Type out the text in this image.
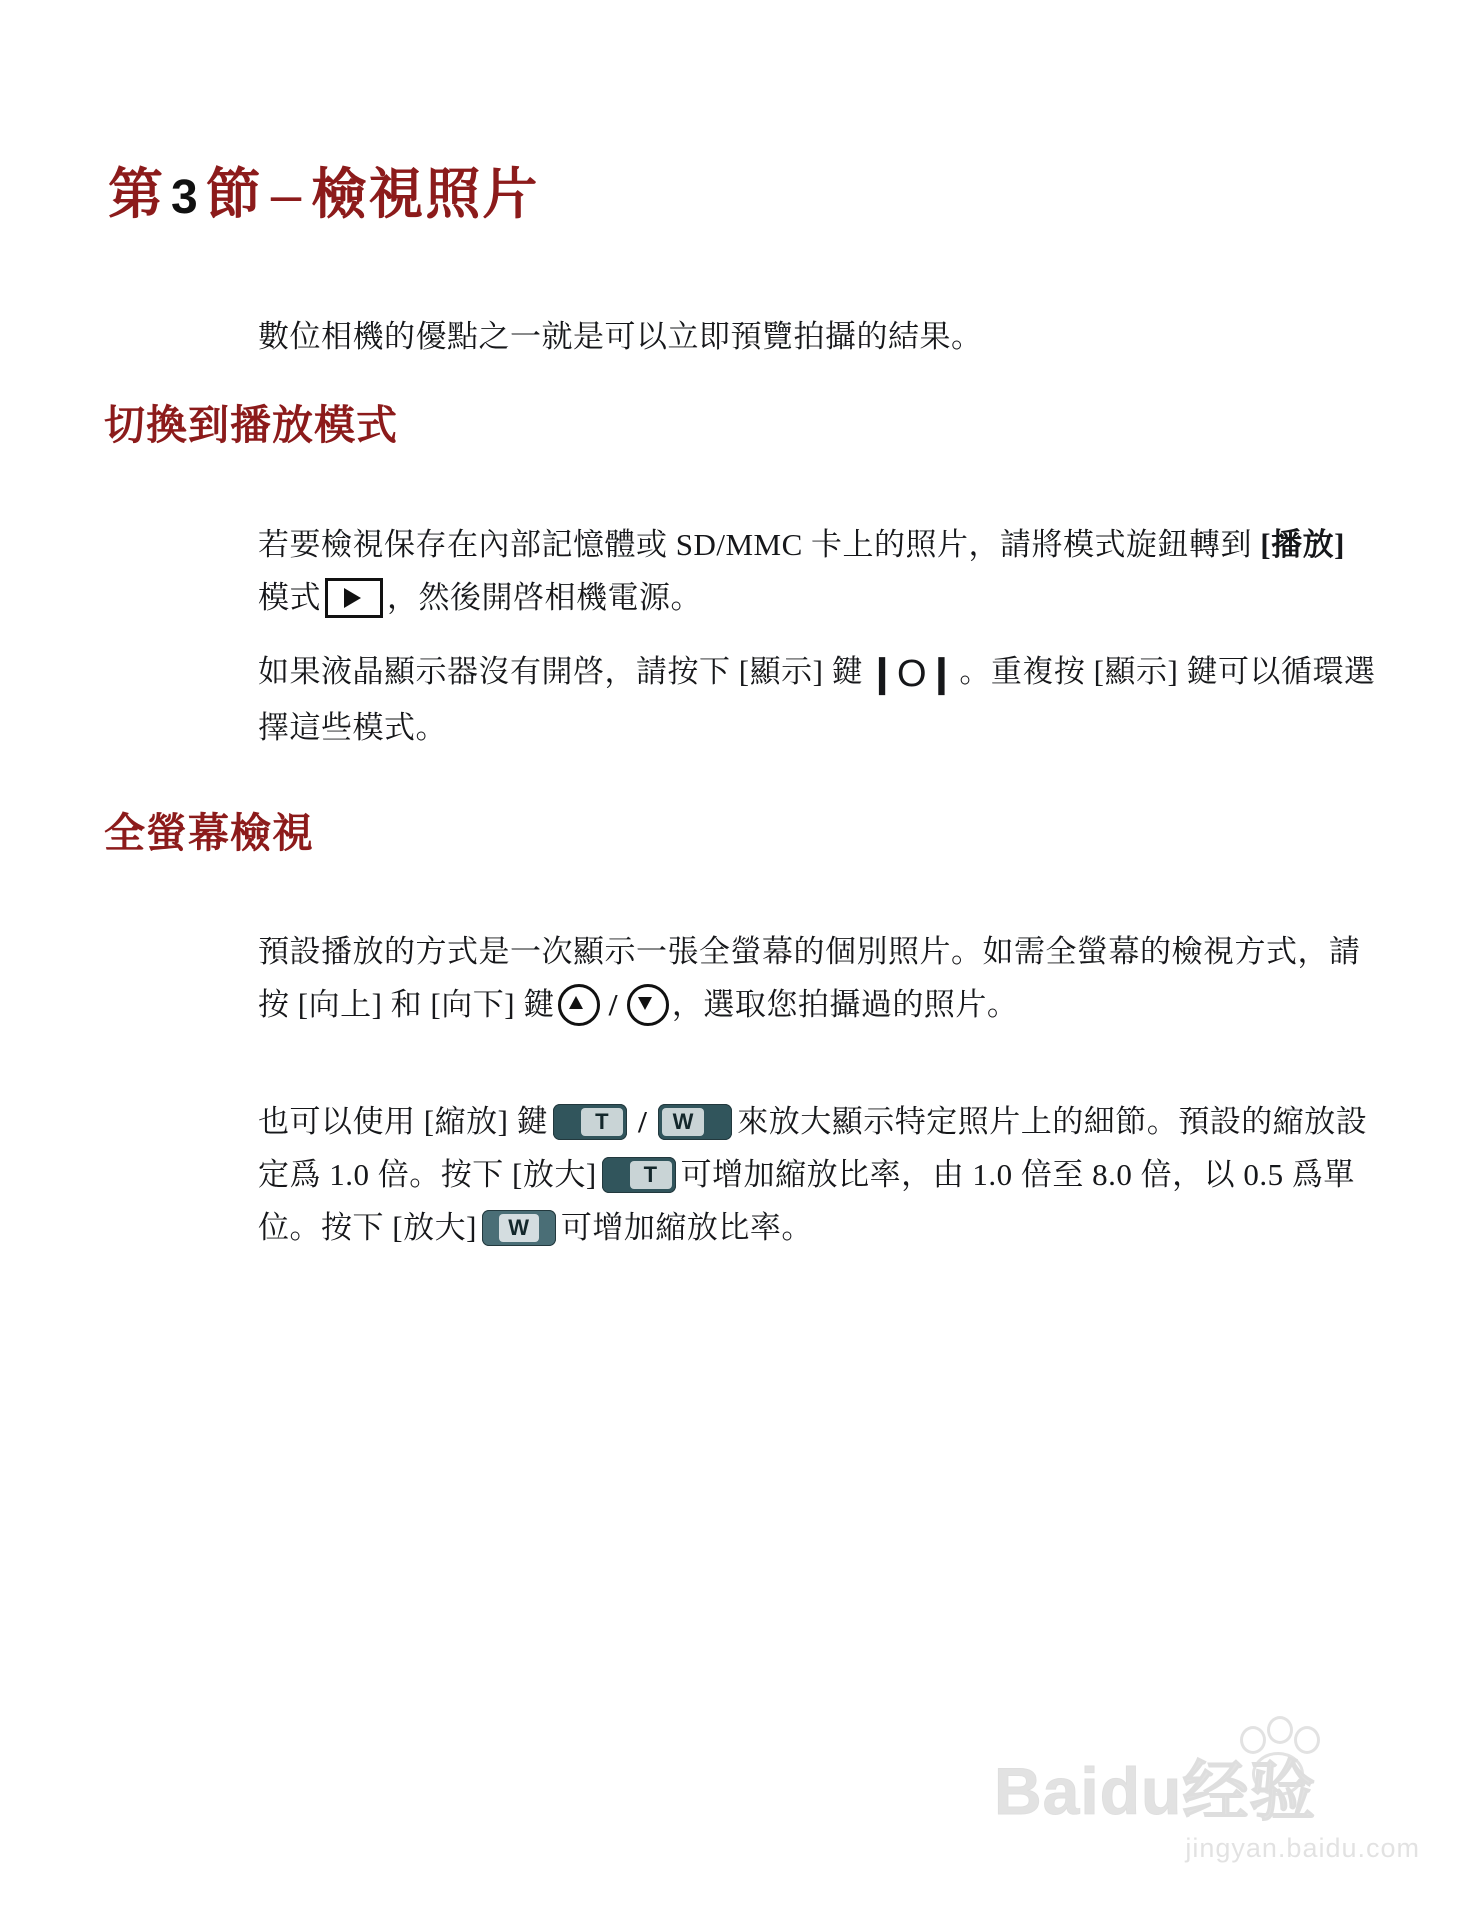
第 3 節 – 檢視照片
數位相機的優點之一就是可以立即預覽拍攝的結果。
切換到播放模式
若要檢視保存在內部記憶體或 SD/MMC 卡上的照片，請將模式旋鈕轉到 [播放] 模式 ，然後開啓相機電源。
如果液晶顯示器沒有開啓，請按下 [顯示] 鍵❙O❙。重複按 [顯示] 鍵可以循環選擇這些模式。
全螢幕檢視
預設播放的方式是一次顯示一張全螢幕的個別照片。如需全螢幕的檢視方式，請按 [向上] 和 [向下] 鍵 / ，選取您拍攝過的照片。
也可以使用 [縮放] 鍵	T /	W	來放大顯示特定照片上的細節。預設的縮放設定爲 1.0 倍。按下 [放大]	T 可增加縮放比率，由 1.0 倍至 8.0 倍，以 0.5 爲單位。按下 [放大]	W	可增加縮放比率。
Baidu经验
jingyan.baidu.com
